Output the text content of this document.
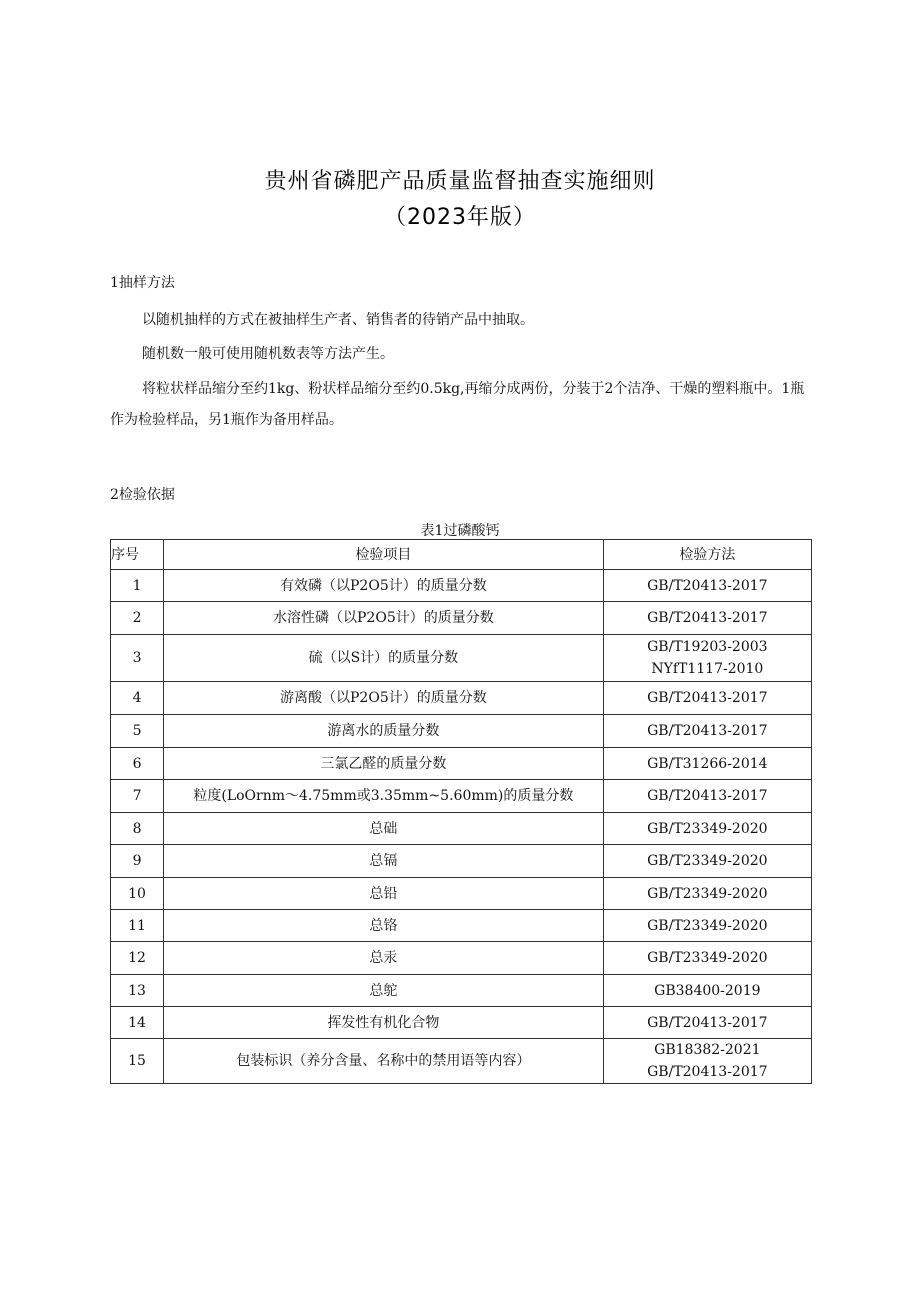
贵州省磷肥产品质量监督抽查实施细则
（2023年版）
1抽样方法
以随机抽样的方式在被抽样生产者、销售者的待销产品中抽取。
随机数一般可使用随机数表等方法产生。
将粒状样品缩分至约1kg、粉状样品缩分至约0.5kg,再缩分成两份，分装于2个洁净、干燥的塑料瓶中。1瓶作为检验样品，另1瓶作为备用样品。
2检验依据
表1过磷酸钙
序号	检验项目	检验方法
1	有效磷（以P2O5计）的质量分数	GB/T20413-2017

2	水溶性磷（以P2O5计）的质量分数	GB/T20413-2017

3	硫（以S计）的质量分数	GB/T19203-2003
NYfT1117-2010

4	游离酸（以P2O5计）的质量分数	GB/T20413-2017

5	游离水的质量分数	GB/T20413-2017

6	三氯乙醛的质量分数	GB/T31266-2014

7	粒度(LoOrnm～4.75mm或3.35mm~5.60mm)的质量分数	GB/T20413-2017

8	总础	GB/T23349-2020

9	总镉	GB/T23349-2020

10	总铅	GB/T23349-2020

11	总铬	GB/T23349-2020

12	总汞	GB/T23349-2020

13	总鸵	GB38400-2019

14	挥发性有机化合物	GB/T20413-2017

15	包装标识（养分含量、名称中的禁用语等内容）	GB18382-2021
GB/T20413-2017
